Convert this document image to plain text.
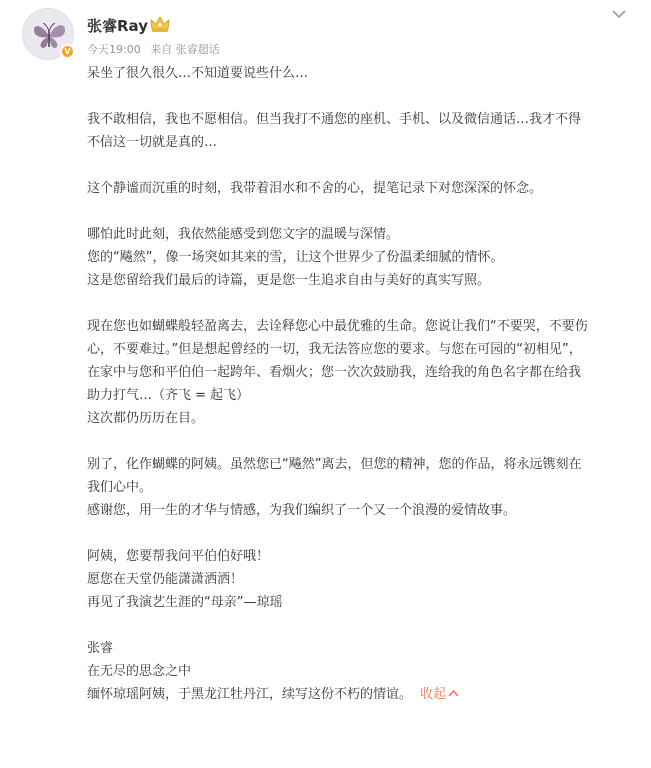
V
张睿Ray
今天19:00 来自 张睿超话

呆坐了很久很久…不知道要说些什么…

我不敢相信，我也不愿相信。但当我打不通您的座机、手机、以及微信通话…我才不得

不信这一切就是真的…

这个静谧而沉重的时刻，我带着泪水和不舍的心，提笔记录下对您深深的怀念。

哪怕此时此刻，我依然能感受到您文字的温暖与深情。

您的“飚然”，像一场突如其来的雪，让这个世界少了份温柔细腻的情怀。

这是您留给我们最后的诗篇，更是您一生追求自由与美好的真实写照。

现在您也如蝴蝶般轻盈离去，去诠释您心中最优雅的生命。您说让我们“不要哭，不要伤

心，不要难过。”但是想起曾经的一切，我无法答应您的要求。与您在可园的“初相见”，

在家中与您和平伯伯一起跨年、看烟火；您一次次鼓励我，连给我的角色名字都在给我

助力打气…（齐飞 = 起飞）

这次都仍历历在目。

别了，化作蝴蝶的阿姨。虽然您已“飚然”离去，但您的精神，您的作品，将永远镌刻在

我们心中。

感谢您，用一生的才华与情感，为我们编织了一个又一个浪漫的爱情故事。

阿姨，您要帮我问平伯伯好哦！

愿您在天堂仍能潇潇洒洒！

再见了我演艺生涯的“母亲”—琼瑶

张睿

在无尽的思念之中

缅怀琼瑶阿姨，于黑龙江牡丹江，续写这份不朽的情谊。 收起
